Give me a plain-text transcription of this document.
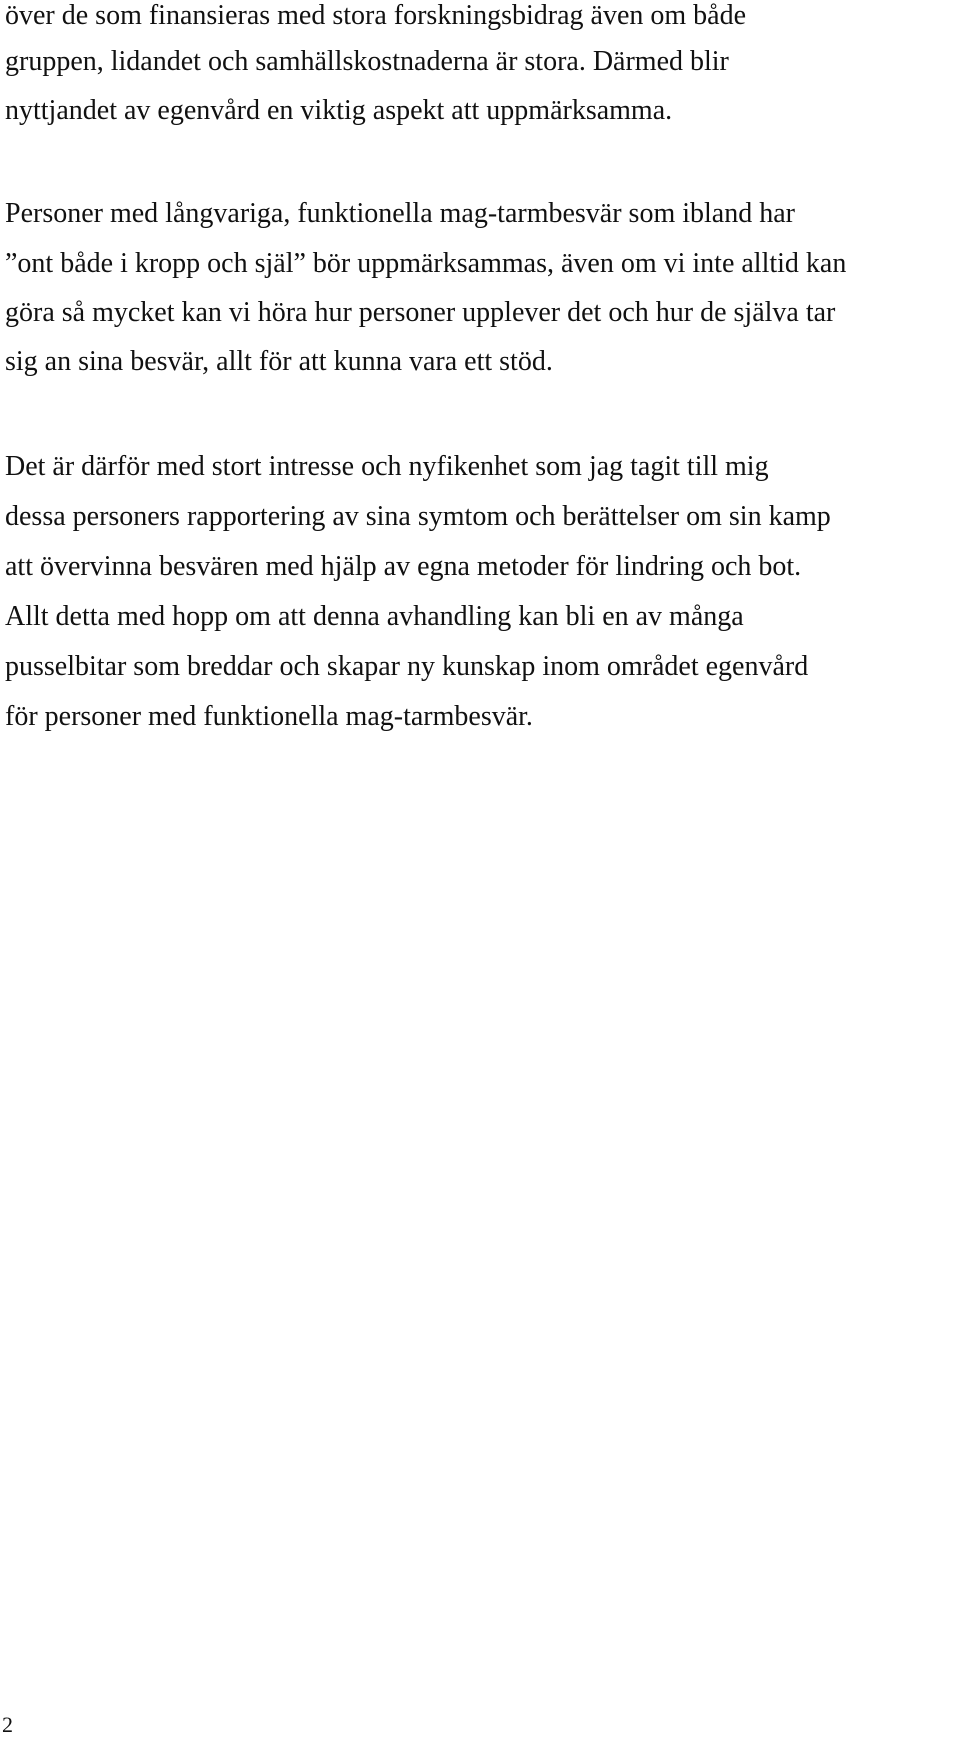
över de som finansieras med stora forskningsbidrag även om både
gruppen, lidandet och samhällskostnaderna är stora. Därmed blir
nyttjandet av egenvård en viktig aspekt att uppmärksamma.
Personer med långvariga, funktionella mag-tarmbesvär som ibland har
”ont både i kropp och själ” bör uppmärksammas, även om vi inte alltid kan
göra så mycket kan vi höra hur personer upplever det och hur de själva tar
sig an sina besvär, allt för att kunna vara ett stöd.
Det är därför med stort intresse och nyfikenhet som jag tagit till mig
dessa personers rapportering av sina symtom och berättelser om sin kamp
att övervinna besvären med hjälp av egna metoder för lindring och bot.
Allt detta med hopp om att denna avhandling kan bli en av många
pusselbitar som breddar och skapar ny kunskap inom området egenvård
för personer med funktionella mag-tarmbesvär.
2
